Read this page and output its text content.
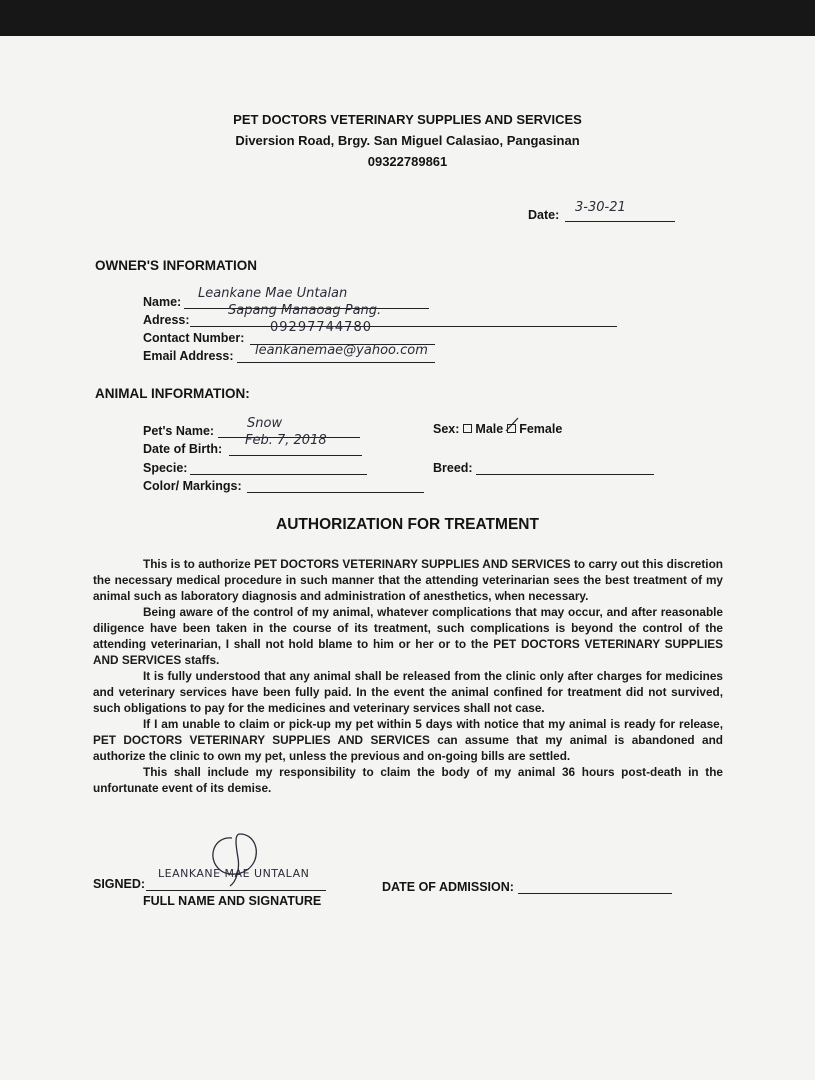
PET DOCTORS VETERINARY SUPPLIES AND SERVICES
Diversion Road, Brgy. San Miguel Calasiao, Pangasinan
09322789861
Date: 3-30-21
OWNER'S INFORMATION
Name:
Leankane Mae Untalan
Adress:
Sapang Manaoag Pang.
Contact Number:
09297744780
Email Address: leankanemae@yahoo.com
ANIMAL INFORMATION:
Pet's Name:	Snow
Date of Birth:
Feb. 7, 2018
Specie:
Color/ Markings:
Sex: Male Female
Breed:
AUTHORIZATION FOR TREATMENT

This is to authorize PET DOCTORS VETERINARY SUPPLIES AND SERVICES to carry out this discretion the necessary medical procedure in such manner that the attending veterinarian sees the best treatment of my animal such as laboratory diagnosis and administration of anesthetics, when necessary.

Being aware of the control of my animal, whatever complications that may occur, and after reasonable diligence have been taken in the course of its treatment, such complications is beyond the control of the attending veterinarian, I shall not hold blame to him or her or to the PET DOCTORS VETERINARY SUPPLIES AND SERVICES staffs.

It is fully understood that any animal shall be released from the clinic only after charges for medicines and veterinary services have been fully paid. In the event the animal confined for treatment did not survived, such obligations to pay for the medicines and veterinary services shall not case.

If I am unable to claim or pick-up my pet within 5 days with notice that my animal is ready for release, PET DOCTORS VETERINARY SUPPLIES AND SERVICES can assume that my animal is abandoned and authorize the clinic to own my pet, unless the previous and on-going bills are settled.

This shall include my responsibility to claim the body of my animal 36 hours post-death in the unfortunate event of its demise.

SIGNED:
LEANKANE MAE UNTALAN
FULL NAME AND SIGNATURE
DATE OF ADMISSION:
